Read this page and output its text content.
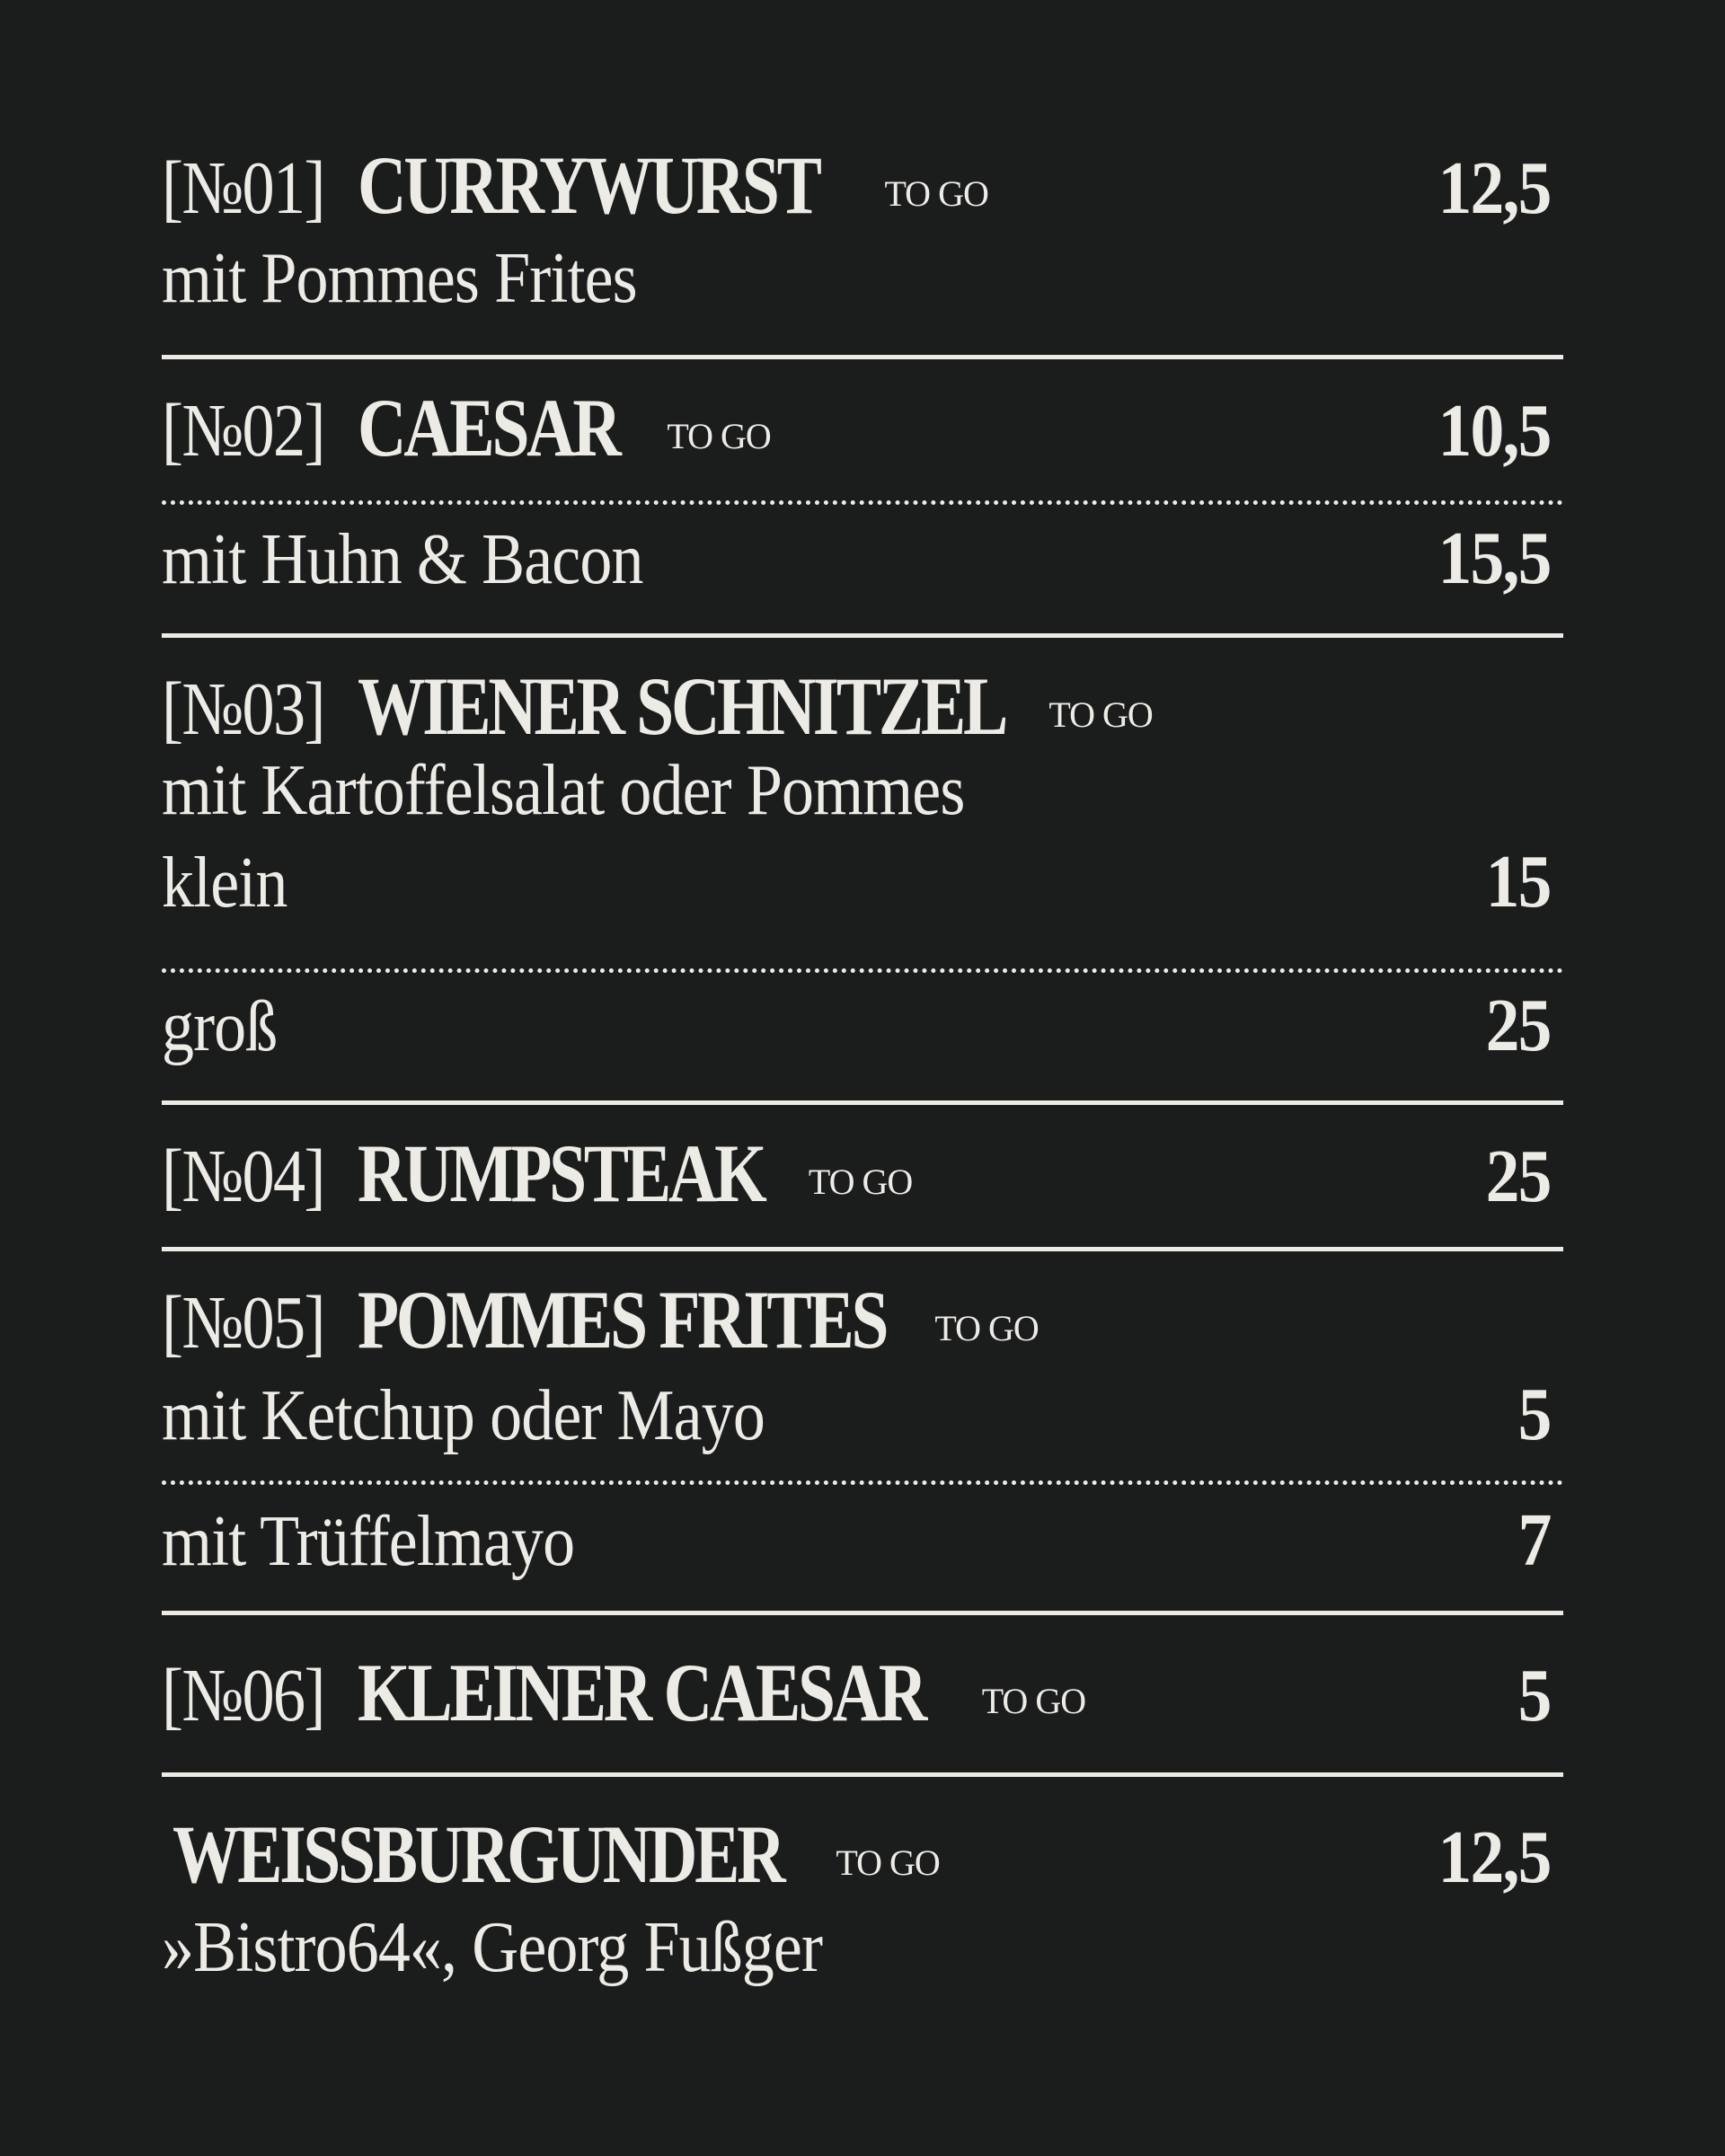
[№01] CURRYWURST TO GO	12,5
mit Pommes Frites
[№02] CAESAR TO GO	10,5
mit Huhn & Bacon	15,5
[№03] WIENER SCHNITZEL TO GO
mit Kartoffelsalat oder Pommes
klein	15
groß	25
[№04] RUMPSTEAK TO GO	25
[№05] POMMES FRITES TO GO
mit Ketchup oder Mayo	5
mit Trüffelmayo	7
[№06] KLEINER CAESAR TO GO	5
WEISSBURGUNDER TO GO	12,5
»Bistro64«, Georg Fußger
